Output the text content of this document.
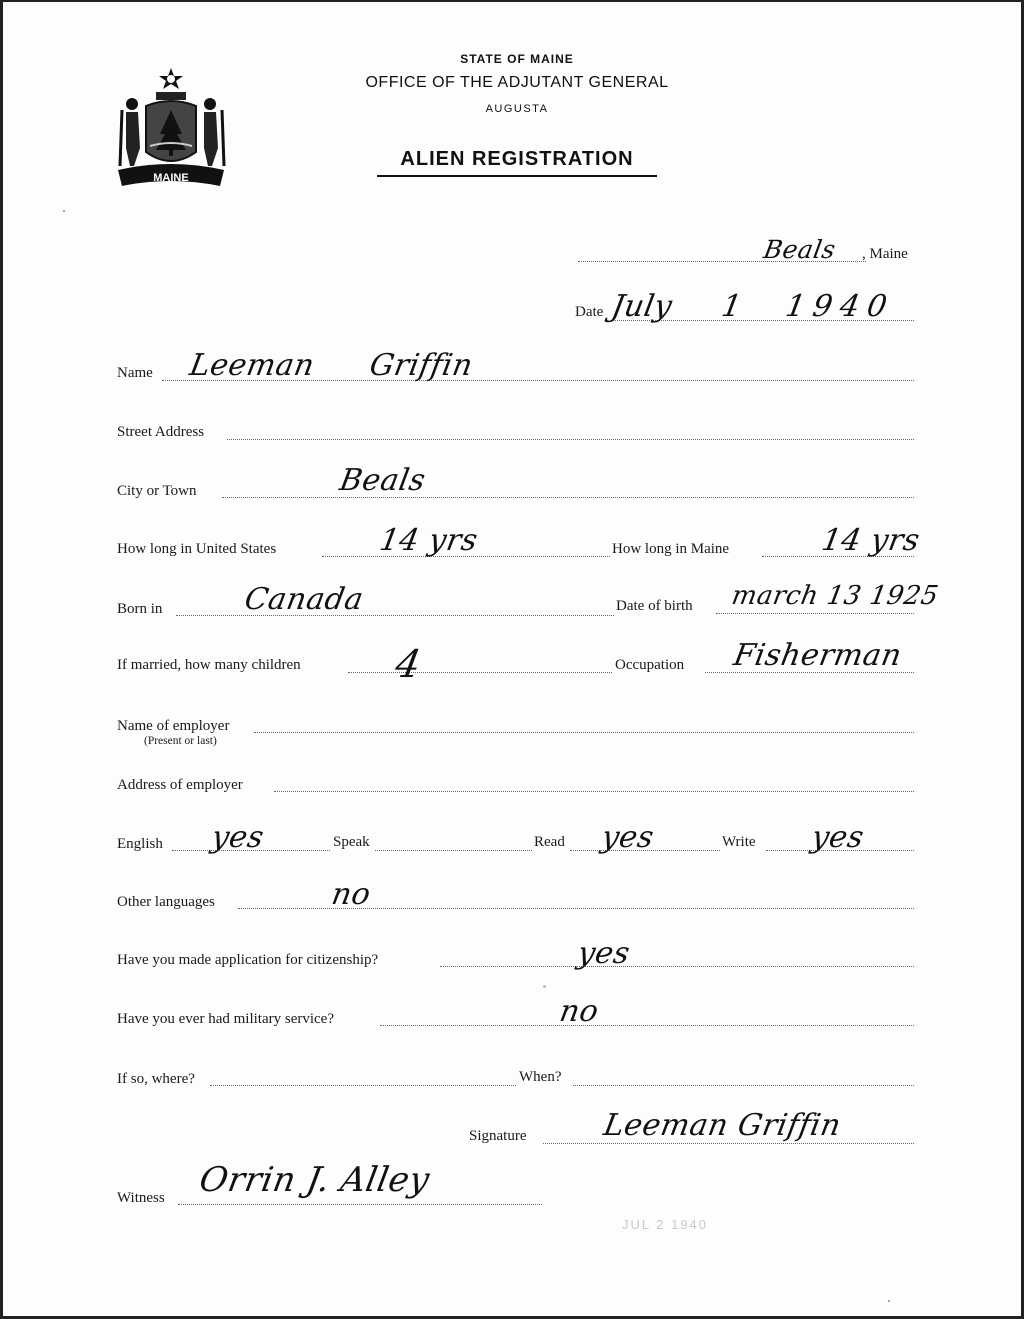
MAINE
STATE OF MAINE
OFFICE OF THE ADJUTANT GENERAL
AUGUSTA
ALIEN REGISTRATION
Beals , Maine
Date July 1 1940
Name Leeman Griffin
Street Address
City or Town	Beals
How long in United States	14 yrs	How long in Maine	14 yrs
Born in	Canada	Date of birth march 13 1925
If married, how many children 4	Occupation Fisherman
Name of employer
(Present or last)
Address of employer
English yes	Speak	Read yes	Write yes
Other languages	no
Have you made application for citizenship?	yes
Have you ever had military service?	no
If so, where?	When?
Signature Leeman Griffin
Witness Orrin J. Alley
JUL 2 1940
